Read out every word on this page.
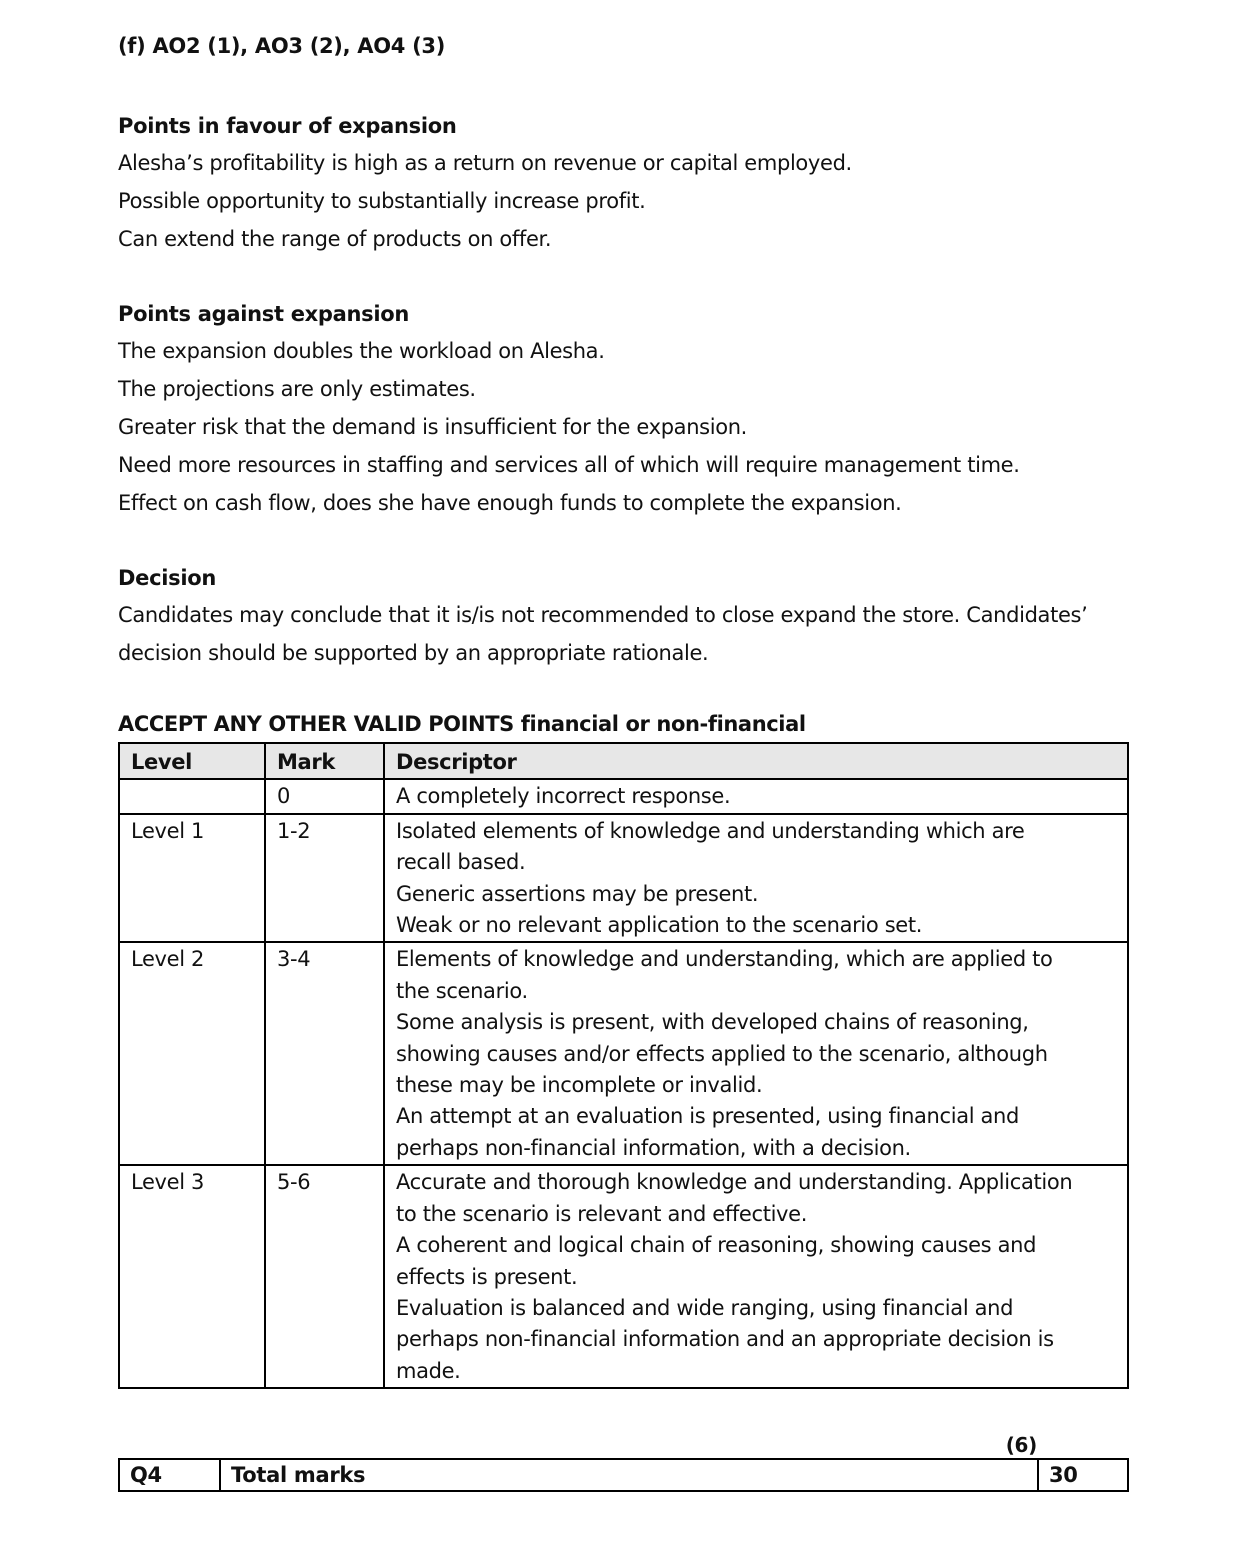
(f) AO2 (1), AO3 (2), AO4 (3)

Points in favour of expansion

Alesha’s profitability is high as a return on revenue or capital employed.

Possible opportunity to substantially increase profit.

Can extend the range of products on offer.

Points against expansion

The expansion doubles the workload on Alesha.

The projections are only estimates.

Greater risk that the demand is insufficient for the expansion.

Need more resources in staffing and services all of which will require management time.

Effect on cash flow, does she have enough funds to complete the expansion.

Decision

Candidates may conclude that it is/is not recommended to close expand the store. Candidates’

decision should be supported by an appropriate rationale.

ACCEPT ANY OTHER VALID POINTS financial or non-financial

Level	Mark	Descriptor
	0	A completely incorrect response.

Level 1	1-2	Isolated elements of knowledge and understanding which are
recall based.
Generic assertions may be present.
Weak or no relevant application to the scenario set.

Level 2	3-4	Elements of knowledge and understanding, which are applied to
the scenario.
Some analysis is present, with developed chains of reasoning,
showing causes and/or effects applied to the scenario, although
these may be incomplete or invalid.
An attempt at an evaluation is presented, using financial and
perhaps non-financial information, with a decision.

Level 3	5-6	Accurate and thorough knowledge and understanding. Application
to the scenario is relevant and effective.
A coherent and logical chain of reasoning, showing causes and
effects is present.
Evaluation is balanced and wide ranging, using financial and
perhaps non-financial information and an appropriate decision is
made.
(6)
Q4	Total marks	30
